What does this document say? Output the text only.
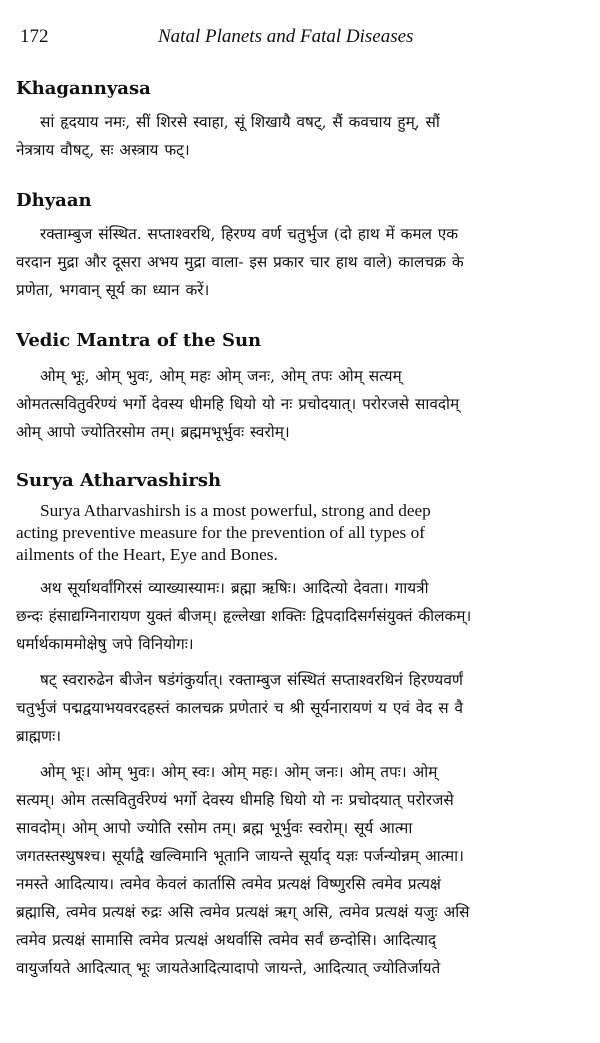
172	Natal Planets and Fatal Diseases
Khagannyasa
सां हृदयाय नमः, सीं शिरसे स्वाहा, सूं शिखायै वषट्, सैं कवचाय हुम्, सौं
नेत्रत्राय वौषट्, सः अस्त्राय फट्।
Dhyaan
रक्ताम्बुज संस्थित. सप्ताश्वरथि, हिरण्य वर्ण चतुर्भुज (दो हाथ में कमल एक
वरदान मुद्रा और दूसरा अभय मुद्रा वाला- इस प्रकार चार हाथ वाले) कालचक्र के
प्रणेता, भगवान् सूर्य का ध्यान करें।
Vedic Mantra of the Sun
ओम् भूः, ओम् भुवः, ओम् महः ओम् जनः, ओम् तपः ओम् सत्यम्
ओमतत्सवितुर्वरेण्यं भर्गो देवस्य धीमहि धियो यो नः प्रचोदयात्। परोरजसे सावदोम्
ओम् आपो ज्योतिरसोम तम्। ब्रह्ममभूर्भुवः स्वरोम्।
Surya Atharvashirsh
Surya Atharvashirsh is a most powerful, strong and deep
acting preventive measure for the prevention of all types of
ailments of the Heart, Eye and Bones.
अथ सूर्याथर्वांगिरसं व्याख्यास्यामः। ब्रह्मा ऋषिः। आदित्यो देवता। गायत्री
छन्दः हंसाद्यग्निनारायण युक्तं बीजम्। हृल्लेखा शक्तिः द्विपदादिसर्गसंयुक्तं कीलकम्।
धर्मार्थकाममोक्षेषु जपे विनियोगः।
षट् स्वरारुढेन बीजेन षडंगंकुर्यात्। रक्ताम्बुज संस्थितं सप्ताश्वरथिनं हिरण्यवर्णं
चतुर्भुजं पद्मद्वयाभयवरदहस्तं कालचक्र प्रणेतारं च श्री सूर्यनारायणं य एवं वेद स वै
ब्राह्मणः।
ओम् भूः। ओम् भुवः। ओम् स्वः। ओम् महः। ओम् जनः। ओम् तपः। ओम्
सत्यम्। ओम तत्सवितुर्वरेण्यं भर्गो देवस्य धीमहि धियो यो नः प्रचोदयात् परोरजसे
सावदोम्। ओम् आपो ज्योति रसोम तम्। ब्रह्म भूर्भुवः स्वरोम्। सूर्य आत्मा
जगतस्तस्थुषश्च। सूर्याद्वै खल्विमानि भूतानि जायन्ते सूर्याद् यज्ञः पर्जन्योन्नम् आत्मा।
नमस्ते आदित्याय। त्वमेव केवलं कार्तासि त्वमेव प्रत्यक्षं विष्णुरसि त्वमेव प्रत्यक्षं
ब्रह्मासि, त्वमेव प्रत्यक्षं रुद्रः असि त्वमेव प्रत्यक्षं ऋग् असि, त्वमेव प्रत्यक्षं यजुः असि
त्वमेव प्रत्यक्षं सामासि त्वमेव प्रत्यक्षं अथर्वासि त्वमेव सर्वं छन्दोसि। आदित्याद्
वायुर्जायते आदित्यात् भूः जायतेआदित्यादापो जायन्ते, आदित्यात् ज्योतिर्जायते
